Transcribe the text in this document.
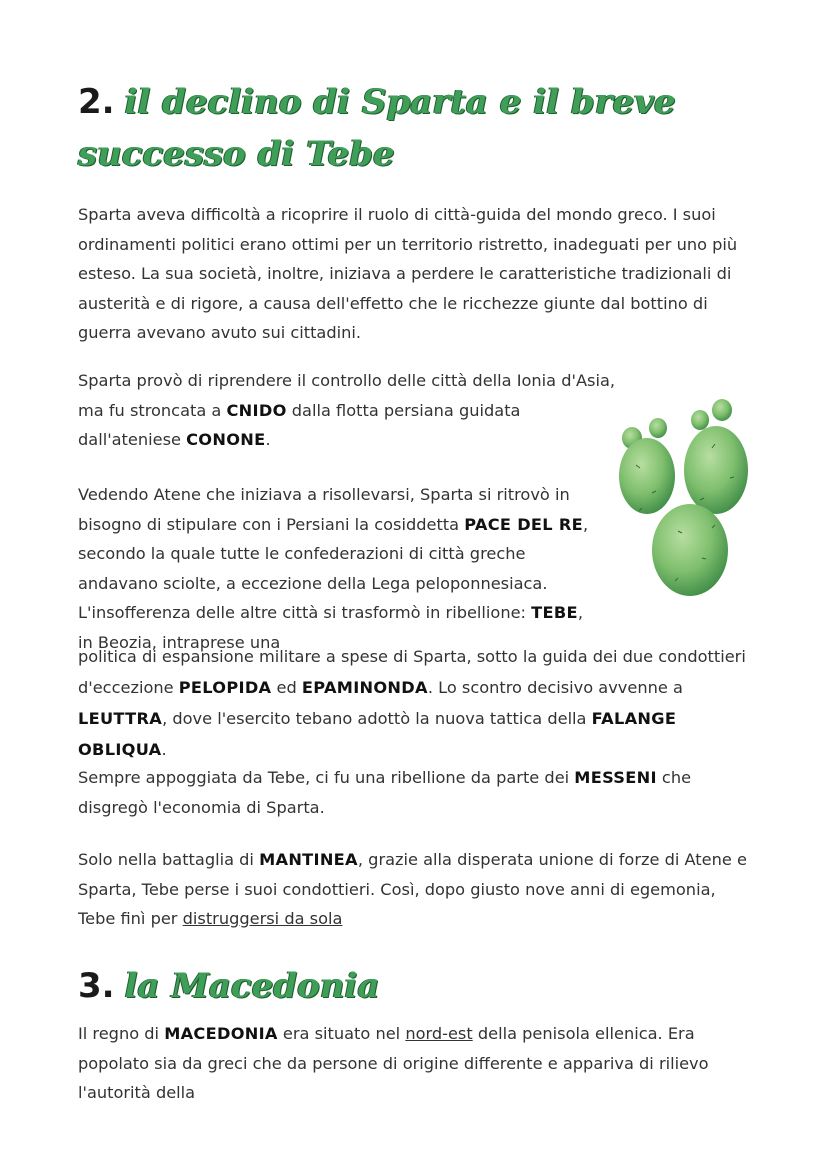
2. il declino di Sparta e il breve successo di Tebe

Sparta aveva difficoltà a ricoprire il ruolo di città-guida del mondo greco. I suoi ordinamenti politici erano ottimi per un territorio ristretto, inadeguati per uno più esteso. La sua società, inoltre, iniziava a perdere le caratteristiche tradizionali di austerità e di rigore, a causa dell'effetto che le ricchezze giunte dal bottino di guerra avevano avuto sui cittadini.

Sparta provò di riprendere il controllo delle città della Ionia d'Asia, ma fu stroncata a CNIDO dalla flotta persiana guidata dall'ateniese CONONE.

Vedendo Atene che iniziava a risollevarsi, Sparta si ritrovò in bisogno di stipulare con i Persiani la cosiddetta PACE DEL RE, secondo la quale tutte le confederazioni di città greche andavano sciolte, a eccezione della Lega peloponnesiaca. L'insofferenza delle altre città si trasformò in ribellione: TEBE, in Beozia, intraprese una

politica di espansione militare a spese di Sparta, sotto la guida dei due condottieri d'eccezione PELOPIDA ed EPAMINONDA. Lo scontro decisivo avvenne a LEUTTRA, dove l'esercito tebano adottò la nuova tattica della FALANGE OBLIQUA.

Sempre appoggiata da Tebe, ci fu una ribellione da parte dei MESSENI che disgregò l'economia di Sparta.

Solo nella battaglia di MANTINEA, grazie alla disperata unione di forze di Atene e Sparta, Tebe perse i suoi condottieri. Così, dopo giusto nove anni di egemonia, Tebe finì per distruggersi da sola

3. la Macedonia

Il regno di MACEDONIA era situato nel nord-est della penisola ellenica. Era popolato sia da greci che da persone di origine differente e appariva di rilievo l'autorità della
